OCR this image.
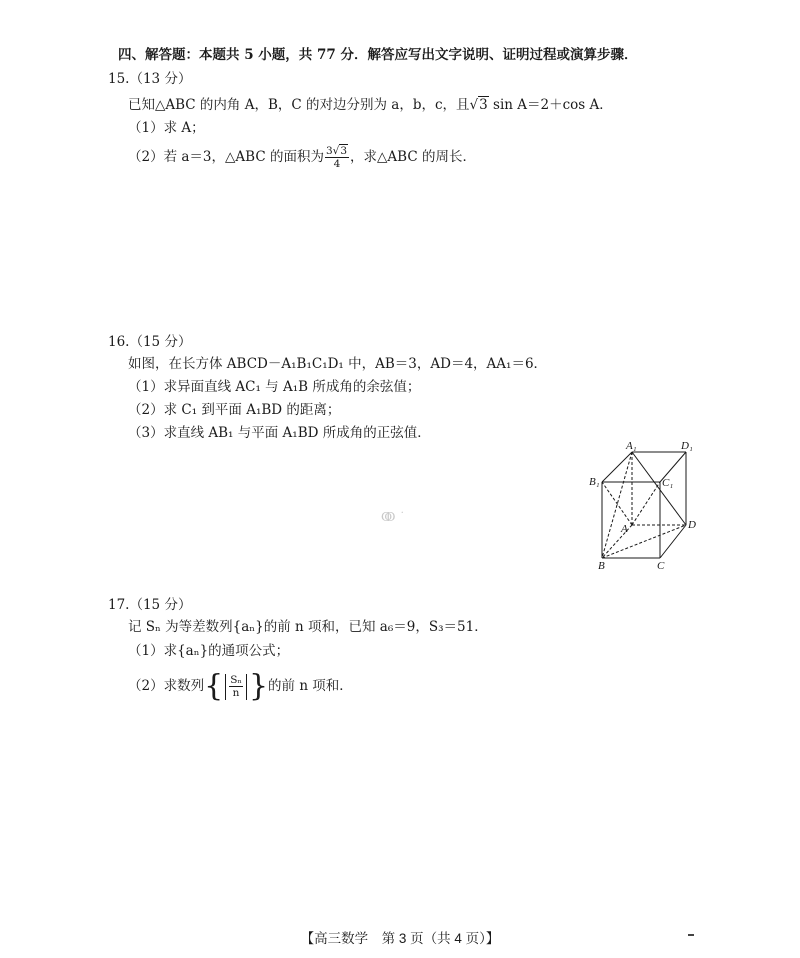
四、解答题：本题共 5 小题，共 77 分．解答应写出文字说明、证明过程或演算步骤．
15.（13 分）
已知△ABC 的内角 A，B，C 的对边分别为 a，b，c，且√3 sin A＝2＋cos A．
（1）求 A；
（2）若 a＝3，△ABC 的面积为 $\frac{3√3}{4}$ ，求△ABC 的周长．
16.（15 分）
如图，在长方体 ABCD－A₁B₁C₁D₁ 中，AB＝3，AD＝4，AA₁＝6．
（1）求异面直线 AC₁ 与 A₁B 所成角的余弦值；
（2）求 C₁ 到平面 A₁BD 的距离；
（3）求直线 AB₁ 与平面 A₁BD 所成角的正弦值．
A₁	D₁
B₁	C₁
A	D
B	C
ↂ ˙
17.（15 分）
记 Sₙ 为等差数列{aₙ}的前 n 项和，已知 a₆＝9，S₃＝51．
（1）求{aₙ}的通项公式；
（2）求数列{ $\frac{\text{Sₙ}}{n}$ }的前 n 项和．
【高三数学　第 3 页（共 4 页）】
